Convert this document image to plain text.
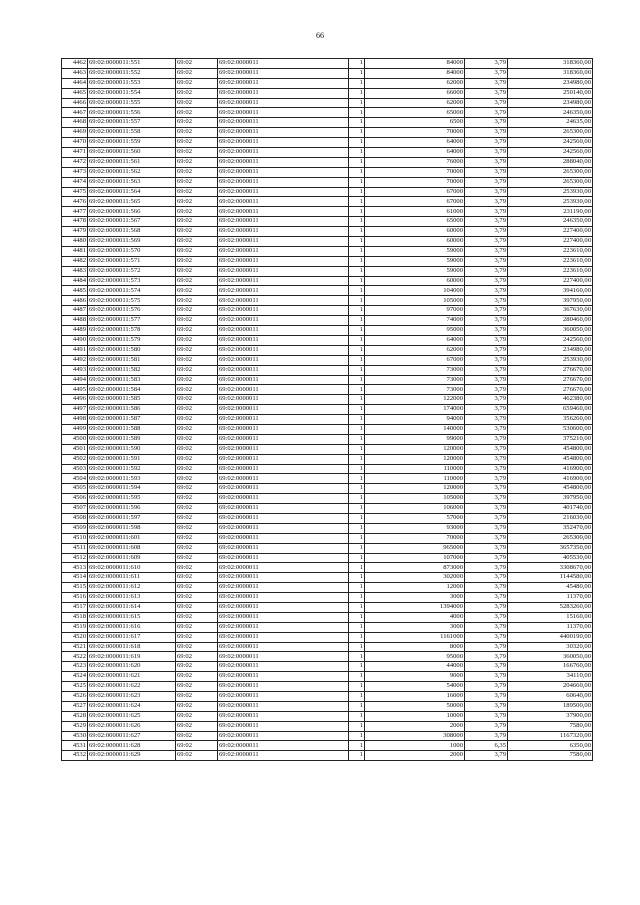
66
4462	69:02:0000011:551	69:02	69:02:0000011	1	84000	3,79	318360,00
4463	69:02:0000011:552	69:02	69:02:0000011	1	84000	3,79	318360,00
4464	69:02:0000011:553	69:02	69:02:0000011	1	62000	3,79	234980,00
4465	69:02:0000011:554	69:02	69:02:0000011	1	66000	3,79	250140,00
4466	69:02:0000011:555	69:02	69:02:0000011	1	62000	3,79	234980,00
4467	69:02:0000011:556	69:02	69:02:0000011	1	65000	3,79	246350,00
4468	69:02:0000011:557	69:02	69:02:0000011	1	6500	3,79	24635,00
4469	69:02:0000011:558	69:02	69:02:0000011	1	70000	3,79	265300,00
4470	69:02:0000011:559	69:02	69:02:0000011	1	64000	3,79	242560,00
4471	69:02:0000011:560	69:02	69:02:0000011	1	64000	3,79	242560,00
4472	69:02:0000011:561	69:02	69:02:0000011	1	76000	3,79	288040,00
4473	69:02:0000011:562	69:02	69:02:0000011	1	70000	3,79	265300,00
4474	69:02:0000011:563	69:02	69:02:0000011	1	70000	3,79	265300,00
4475	69:02:0000011:564	69:02	69:02:0000011	1	67000	3,79	253930,00
4476	69:02:0000011:565	69:02	69:02:0000011	1	67000	3,79	253930,00
4477	69:02:0000011:566	69:02	69:02:0000011	1	61000	3,79	231190,00
4478	69:02:0000011:567	69:02	69:02:0000011	1	65000	3,79	246350,00
4479	69:02:0000011:568	69:02	69:02:0000011	1	60000	3,79	227400,00
4480	69:02:0000011:569	69:02	69:02:0000011	1	60000	3,79	227400,00
4481	69:02:0000011:570	69:02	69:02:0000011	1	59000	3,79	223610,00
4482	69:02:0000011:571	69:02	69:02:0000011	1	59000	3,79	223610,00
4483	69:02:0000011:572	69:02	69:02:0000011	1	59000	3,79	223610,00
4484	69:02:0000011:573	69:02	69:02:0000011	1	60000	3,79	227400,00
4485	69:02:0000011:574	69:02	69:02:0000011	1	104000	3,79	394160,00
4486	69:02:0000011:575	69:02	69:02:0000011	1	105000	3,79	397950,00
4487	69:02:0000011:576	69:02	69:02:0000011	1	97000	3,79	367630,00
4488	69:02:0000011:577	69:02	69:02:0000011	1	74000	3,79	280460,00
4489	69:02:0000011:578	69:02	69:02:0000011	1	95000	3,79	360050,00
4490	69:02:0000011:579	69:02	69:02:0000011	1	64000	3,79	242560,00
4491	69:02:0000011:580	69:02	69:02:0000011	1	62000	3,79	234980,00
4492	69:02:0000011:581	69:02	69:02:0000011	1	67000	3,79	253930,00
4493	69:02:0000011:582	69:02	69:02:0000011	1	73000	3,79	276670,00
4494	69:02:0000011:583	69:02	69:02:0000011	1	73000	3,79	276670,00
4495	69:02:0000011:584	69:02	69:02:0000011	1	73000	3,79	276670,00
4496	69:02:0000011:585	69:02	69:02:0000011	1	122000	3,79	462380,00
4497	69:02:0000011:586	69:02	69:02:0000011	1	174000	3,79	659460,00
4498	69:02:0000011:587	69:02	69:02:0000011	1	94000	3,79	356260,00
4499	69:02:0000011:588	69:02	69:02:0000011	1	140000	3,79	530600,00
4500	69:02:0000011:589	69:02	69:02:0000011	1	99000	3,79	375210,00
4501	69:02:0000011:590	69:02	69:02:0000011	1	120000	3,79	454800,00
4502	69:02:0000011:591	69:02	69:02:0000011	1	120000	3,79	454800,00
4503	69:02:0000011:592	69:02	69:02:0000011	1	110000	3,79	416900,00
4504	69:02:0000011:593	69:02	69:02:0000011	1	110000	3,79	416900,00
4505	69:02:0000011:594	69:02	69:02:0000011	1	120000	3,79	454800,00
4506	69:02:0000011:595	69:02	69:02:0000011	1	105000	3,79	397950,00
4507	69:02:0000011:596	69:02	69:02:0000011	1	106000	3,79	401740,00
4508	69:02:0000011:597	69:02	69:02:0000011	1	57000	3,79	216030,00
4509	69:02:0000011:598	69:02	69:02:0000011	1	93000	3,79	352470,00
4510	69:02:0000011:601	69:02	69:02:0000011	1	70000	3,79	265300,00
4511	69:02:0000011:608	69:02	69:02:0000011	1	965000	3,79	3657350,00
4512	69:02:0000011:609	69:02	69:02:0000011	1	107000	3,79	405530,00
4513	69:02:0000011:610	69:02	69:02:0000011	1	873000	3,79	3308670,00
4514	69:02:0000011:611	69:02	69:02:0000011	1	302000	3,79	1144580,00
4515	69:02:0000011:612	69:02	69:02:0000011	1	12000	3,79	45480,00
4516	69:02:0000011:613	69:02	69:02:0000011	1	3000	3,79	11370,00
4517	69:02:0000011:614	69:02	69:02:0000011	1	1394000	3,79	5283260,00
4518	69:02:0000011:615	69:02	69:02:0000011	1	4000	3,79	15160,00
4519	69:02:0000011:616	69:02	69:02:0000011	1	3000	3,79	11370,00
4520	69:02:0000011:617	69:02	69:02:0000011	1	1161000	3,79	4400190,00
4521	69:02:0000011:618	69:02	69:02:0000011	1	8000	3,79	30320,00
4522	69:02:0000011:619	69:02	69:02:0000011	1	95000	3,79	360050,00
4523	69:02:0000011:620	69:02	69:02:0000011	1	44000	3,79	166760,00
4524	69:02:0000011:621	69:02	69:02:0000011	1	9000	3,79	34110,00
4525	69:02:0000011:622	69:02	69:02:0000011	1	54000	3,79	204660,00
4526	69:02:0000011:623	69:02	69:02:0000011	1	16000	3,79	60640,00
4527	69:02:0000011:624	69:02	69:02:0000011	1	50000	3,79	189500,00
4528	69:02:0000011:625	69:02	69:02:0000011	1	10000	3,79	37900,00
4529	69:02:0000011:626	69:02	69:02:0000011	1	2000	3,79	7580,00
4530	69:02:0000011:627	69:02	69:02:0000011	1	308000	3,79	1167320,00
4531	69:02:0000011:628	69:02	69:02:0000011	1	1000	6,35	6350,00
4532	69:02:0000011:629	69:02	69:02:0000011	1	2000	3,79	7580,00
